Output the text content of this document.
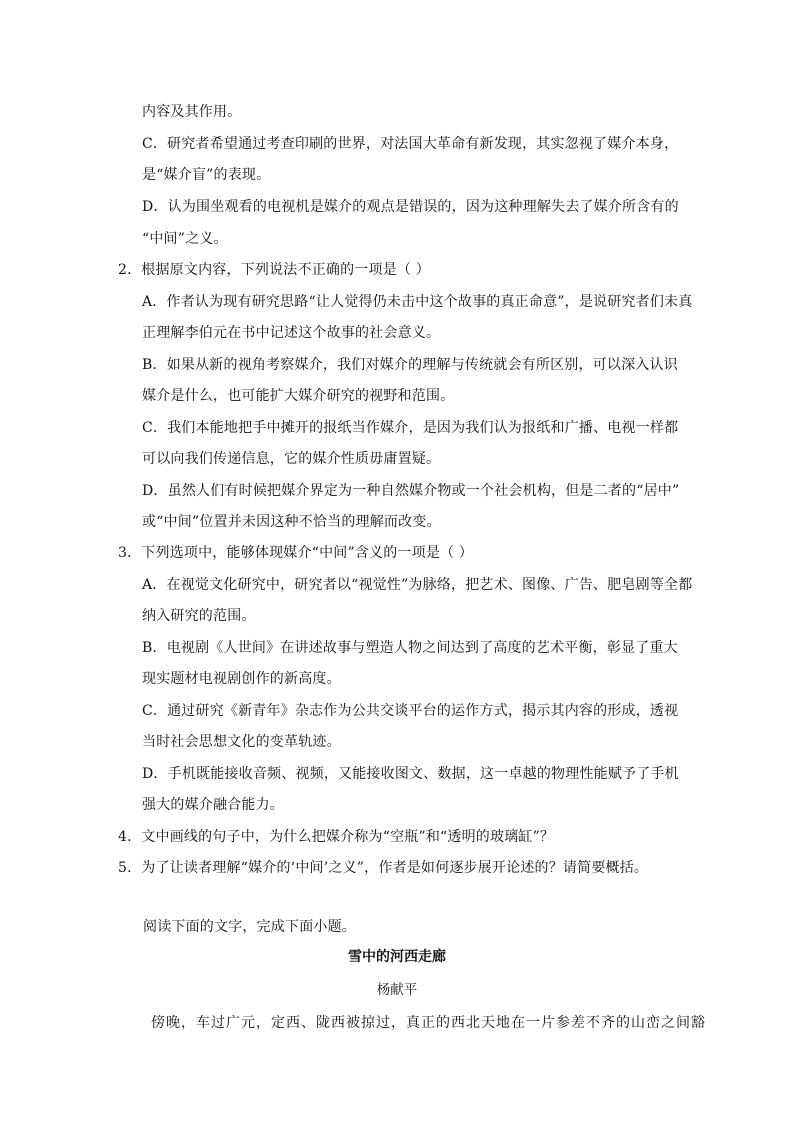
内容及其作用。
C．研究者希望通过考查印刷的世界，对法国大革命有新发现，其实忽视了媒介本身，
是“媒介盲”的表现。
D．认为围坐观看的电视机是媒介的观点是错误的，因为这种理解失去了媒介所含有的
“中间”之义。
2．根据原文内容，下列说法不正确的一项是（ ）
A．作者认为现有研究思路“让人觉得仍未击中这个故事的真正命意”，是说研究者们未真
正理解李伯元在书中记述这个故事的社会意义。
B．如果从新的视角考察媒介，我们对媒介的理解与传统就会有所区别，可以深入认识
媒介是什么，也可能扩大媒介研究的视野和范围。
C．我们本能地把手中摊开的报纸当作媒介，是因为我们认为报纸和广播、电视一样都
可以向我们传递信息，它的媒介性质毋庸置疑。
D．虽然人们有时候把媒介界定为一种自然媒介物或一个社会机构，但是二者的“居中”
或“中间”位置并未因这种不恰当的理解而改变。
3．下列选项中，能够体现媒介“中间”含义的一项是（ ）
A．在视觉文化研究中，研究者以“视觉性”为脉络，把艺术、图像、广告、肥皂剧等全都
纳入研究的范围。
B．电视剧《人世间》在讲述故事与塑造人物之间达到了高度的艺术平衡，彰显了重大
现实题材电视剧创作的新高度。
C．通过研究《新青年》杂志作为公共交谈平台的运作方式，揭示其内容的形成，透视
当时社会思想文化的变革轨迹。
D．手机既能接收音频、视频，又能接收图文、数据，这一卓越的物理性能赋予了手机
强大的媒介融合能力。
4．文中画线的句子中，为什么把媒介称为“空瓶”和“透明的玻璃缸”？
5．为了让读者理解“媒介的‘中间’之义”，作者是如何逐步展开论述的？请简要概括。
阅读下面的文字，完成下面小题。
雪中的河西走廊
杨献平
傍晚，车过广元，定西、陇西被掠过，真正的西北天地在一片参差不齐的山峦之间豁
